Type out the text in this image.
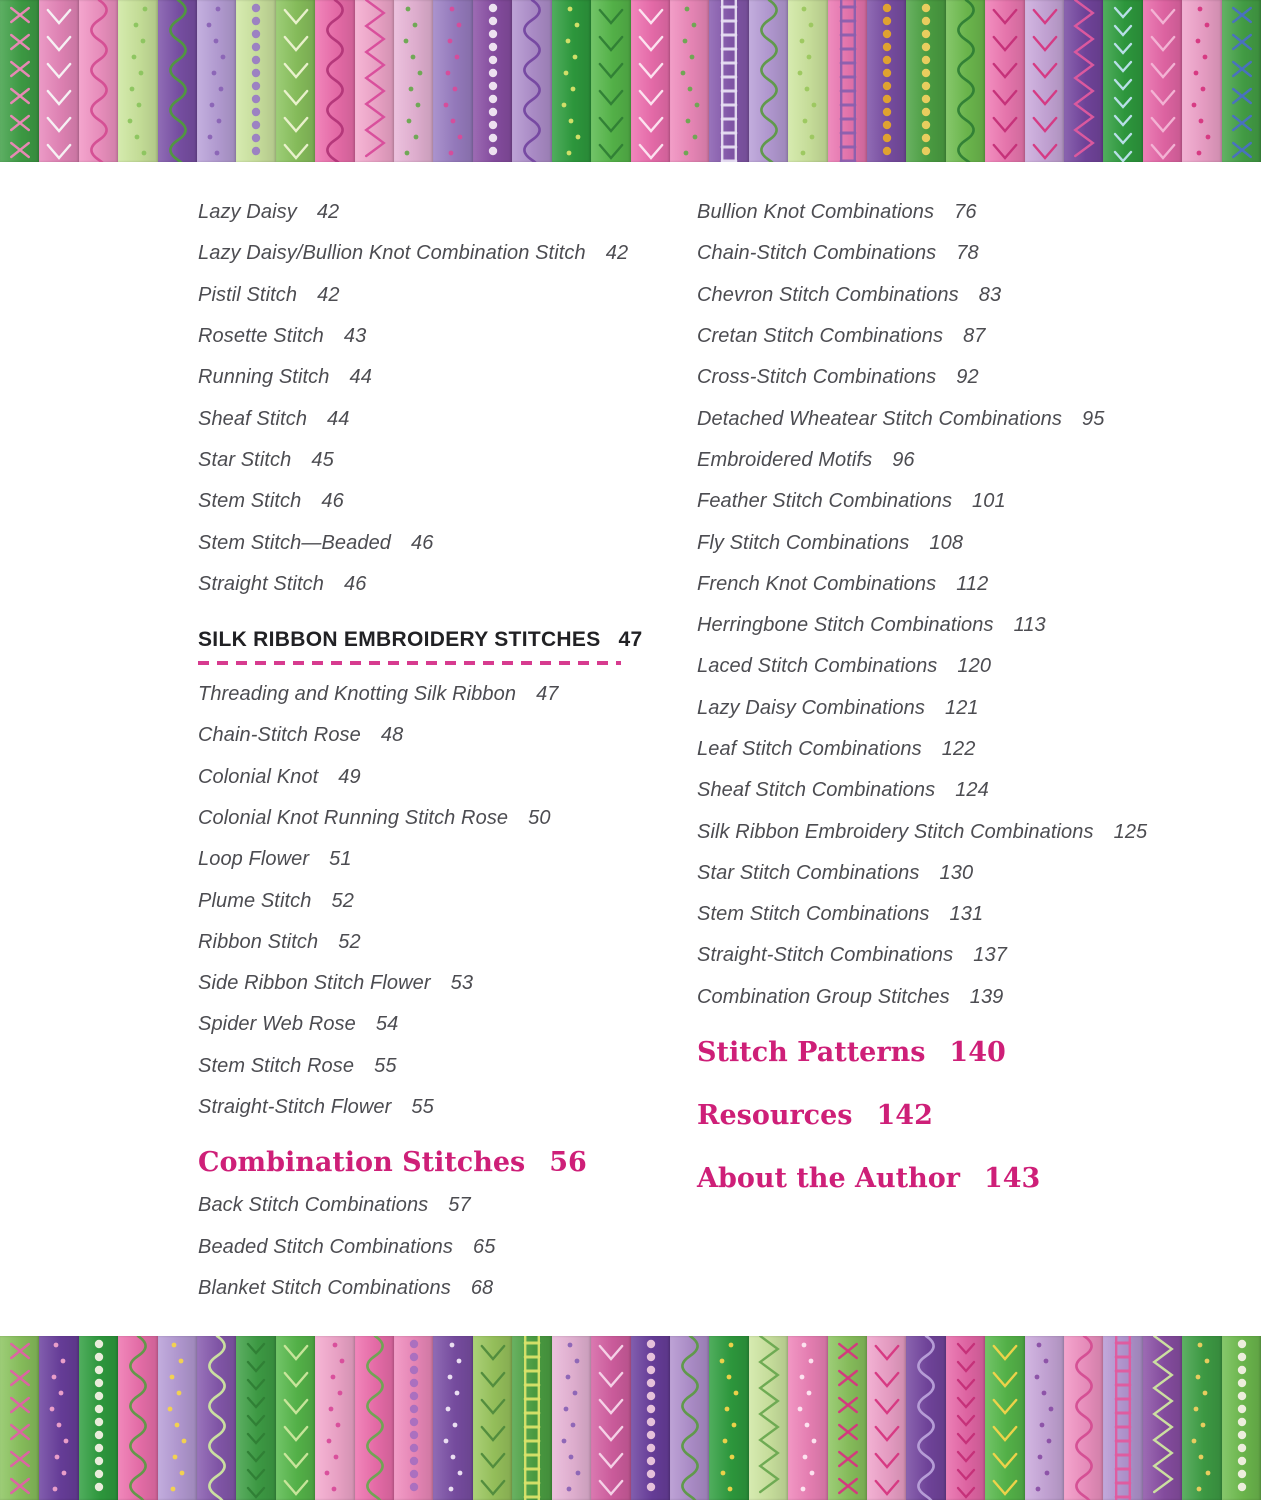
Lazy Daisy 42
Lazy Daisy/Bullion Knot Combination Stitch 42
Pistil Stitch 42
Rosette Stitch 43
Running Stitch 44
Sheaf Stitch 44
Star Stitch 45
Stem Stitch 46
Stem Stitch—Beaded 46
Straight Stitch 46
SILK RIBBON EMBROIDERY STITCHES 47
Threading and Knotting Silk Ribbon 47
Chain-Stitch Rose 48
Colonial Knot 49
Colonial Knot Running Stitch Rose 50
Loop Flower 51
Plume Stitch 52
Ribbon Stitch 52
Side Ribbon Stitch Flower 53
Spider Web Rose 54
Stem Stitch Rose 55
Straight-Stitch Flower 55
Combination Stitches 56
Back Stitch Combinations 57
Beaded Stitch Combinations 65
Blanket Stitch Combinations 68
Bullion Knot Combinations 76
Chain-Stitch Combinations 78
Chevron Stitch Combinations 83
Cretan Stitch Combinations 87
Cross-Stitch Combinations 92
Detached Wheatear Stitch Combinations 95
Embroidered Motifs 96
Feather Stitch Combinations 101
Fly Stitch Combinations 108
French Knot Combinations 112
Herringbone Stitch Combinations 113
Laced Stitch Combinations 120
Lazy Daisy Combinations 121
Leaf Stitch Combinations 122
Sheaf Stitch Combinations 124
Silk Ribbon Embroidery Stitch Combinations 125
Star Stitch Combinations 130
Stem Stitch Combinations 131
Straight-Stitch Combinations 137
Combination Group Stitches 139
Stitch Patterns 140
Resources 142
About the Author 143
